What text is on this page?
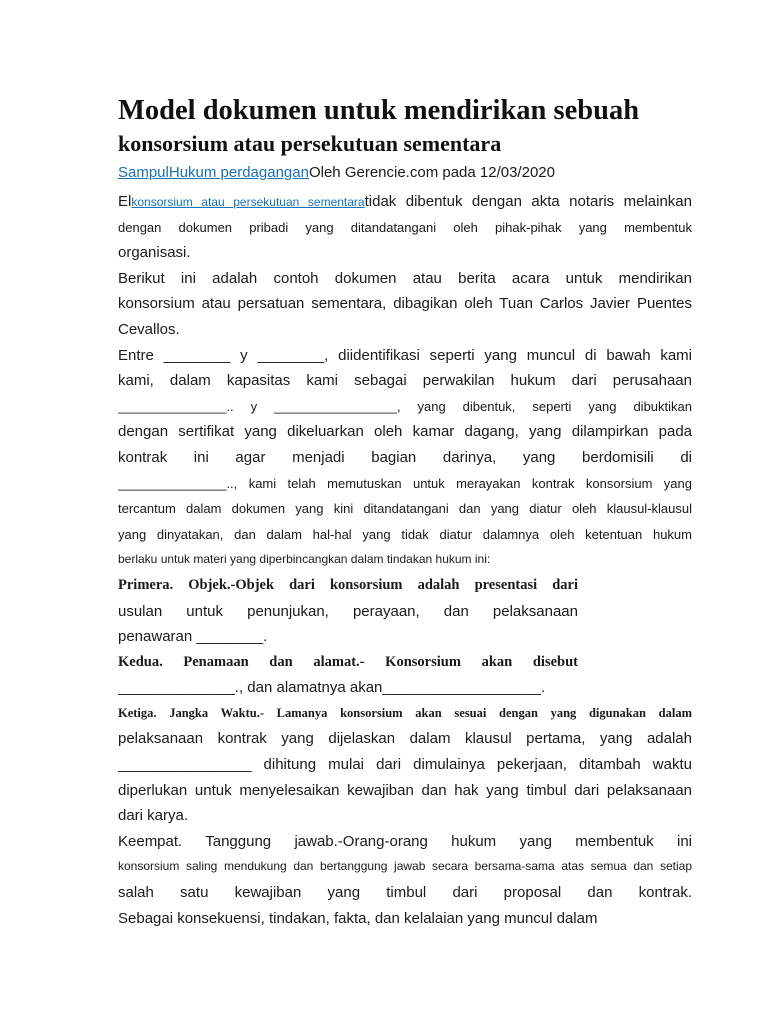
Model dokumen untuk mendirikan sebuah
konsorsium atau persekutuan sementara
SampulHukum perdaganganOleh Gerencie.com pada 12/03/2020
Elkonsorsium atau persekutuan sementaratidak dibentuk dengan akta notaris melainkan
dengan dokumen pribadi yang ditandatangani oleh pihak-pihak yang membentuk
organisasi.
Berikut ini adalah contoh dokumen atau berita acara untuk mendirikan
konsorsium atau persatuan sementara, dibagikan oleh Tuan Carlos Javier Puentes
Cevallos.
Entre ________ y ________, diidentifikasi seperti yang muncul di bawah kami
kami, dalam kapasitas kami sebagai perwakilan hukum dari perusahaan
_______________.. y _________________, yang dibentuk, seperti yang dibuktikan
dengan sertifikat yang dikeluarkan oleh kamar dagang, yang dilampirkan pada
kontrak ini agar menjadi bagian darinya, yang berdomisili di
_______________.., kami telah memutuskan untuk merayakan kontrak konsorsium yang
tercantum dalam dokumen yang kini ditandatangani dan yang diatur oleh klausul-klausul
yang dinyatakan, dan dalam hal-hal yang tidak diatur dalamnya oleh ketentuan hukum
berlaku untuk materi yang diperbincangkan dalam tindakan hukum ini:
Primera. Objek.-Objek dari konsorsium adalah presentasi dari
usulan untuk penunjukan, perayaan, dan pelaksanaan
penawaran ________.
Kedua. Penamaan dan alamat.- Konsorsium akan disebut
______________., dan alamatnya akan___________________.
Ketiga. Jangka Waktu.- Lamanya konsorsium akan sesuai dengan yang digunakan dalam
pelaksanaan kontrak yang dijelaskan dalam klausul pertama, yang adalah
________________ dihitung mulai dari dimulainya pekerjaan, ditambah waktu
diperlukan untuk menyelesaikan kewajiban dan hak yang timbul dari pelaksanaan
dari karya.
Keempat. Tanggung jawab.-Orang-orang hukum yang membentuk ini
konsorsium saling mendukung dan bertanggung jawab secara bersama-sama atas semua dan setiap
salah satu kewajiban yang timbul dari proposal dan kontrak.
Sebagai konsekuensi, tindakan, fakta, dan kelalaian yang muncul dalam
